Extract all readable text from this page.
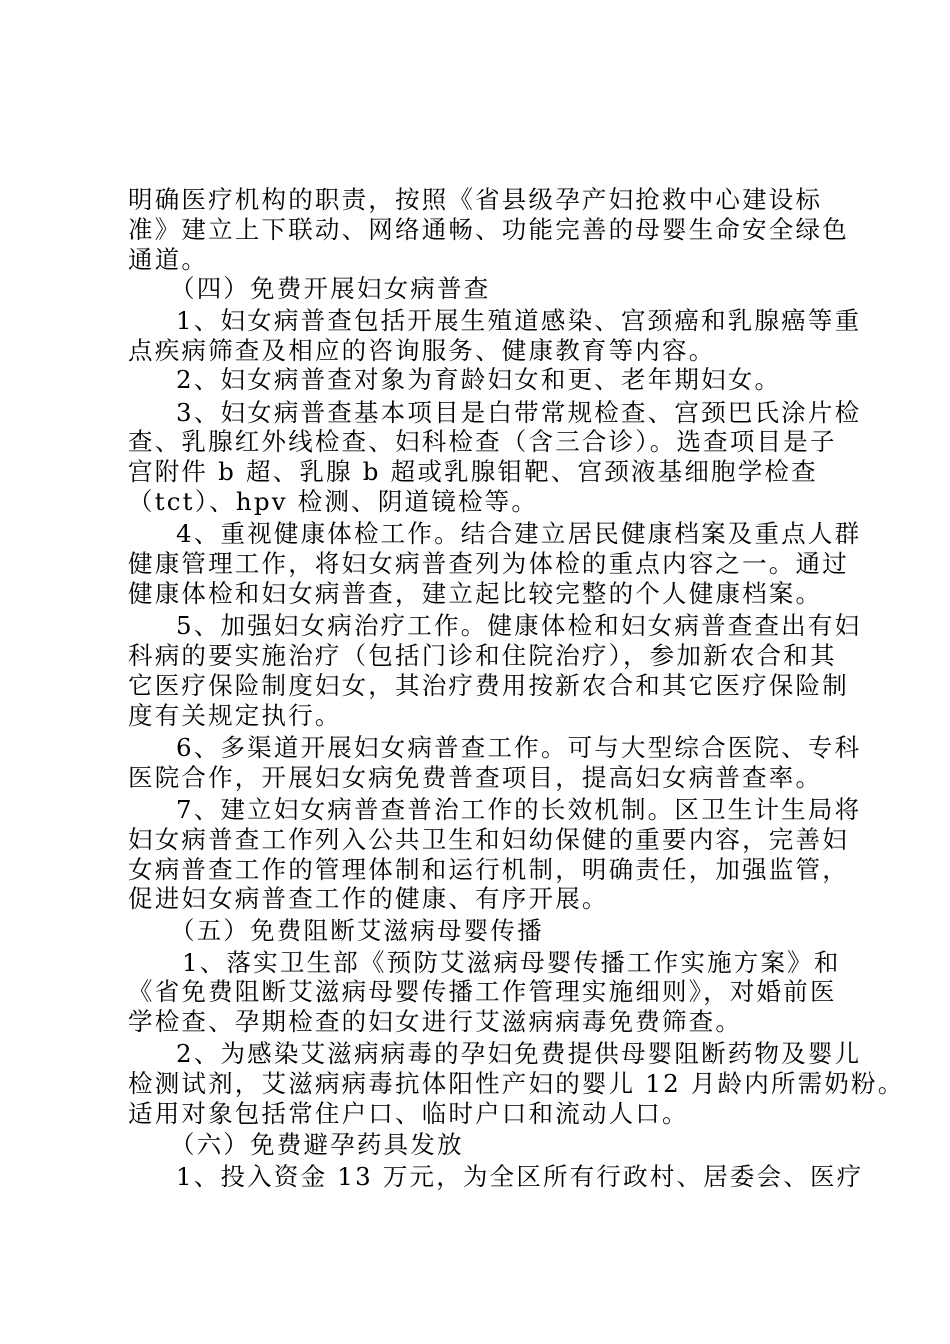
明确医疗机构的职责，按照《省县级孕产妇抢救中心建设标
准》建立上下联动、网络通畅、功能完善的母婴生命安全绿色
通道。
（四）免费开展妇女病普查
1、妇女病普查包括开展生殖道感染、宫颈癌和乳腺癌等重
点疾病筛查及相应的咨询服务、健康教育等内容。
2、妇女病普查对象为育龄妇女和更、老年期妇女。
3、妇女病普查基本项目是白带常规检查、宫颈巴氏涂片检
查、乳腺红外线检查、妇科检查（含三合诊）。选查项目是子
宫附件 b 超、乳腺 b 超或乳腺钼靶、宫颈液基细胞学检查
（tct）、hpv 检测、阴道镜检等。
4、重视健康体检工作。结合建立居民健康档案及重点人群
健康管理工作，将妇女病普查列为体检的重点内容之一。通过
健康体检和妇女病普查，建立起比较完整的个人健康档案。
5、加强妇女病治疗工作。健康体检和妇女病普查查出有妇
科病的要实施治疗（包括门诊和住院治疗），参加新农合和其
它医疗保险制度妇女，其治疗费用按新农合和其它医疗保险制
度有关规定执行。
6、多渠道开展妇女病普查工作。可与大型综合医院、专科
医院合作，开展妇女病免费普查项目，提高妇女病普查率。
7、建立妇女病普查普治工作的长效机制。区卫生计生局将
妇女病普查工作列入公共卫生和妇幼保健的重要内容，完善妇
女病普查工作的管理体制和运行机制，明确责任，加强监管，
促进妇女病普查工作的健康、有序开展。
（五）免费阻断艾滋病母婴传播
1、落实卫生部《预防艾滋病母婴传播工作实施方案》和
《省免费阻断艾滋病母婴传播工作管理实施细则》，对婚前医
学检查、孕期检查的妇女进行艾滋病病毒免费筛查。
2、为感染艾滋病病毒的孕妇免费提供母婴阻断药物及婴儿
检测试剂，艾滋病病毒抗体阳性产妇的婴儿 12 月龄内所需奶粉。
适用对象包括常住户口、临时户口和流动人口。
（六）免费避孕药具发放
1、投入资金 13 万元，为全区所有行政村、居委会、医疗
